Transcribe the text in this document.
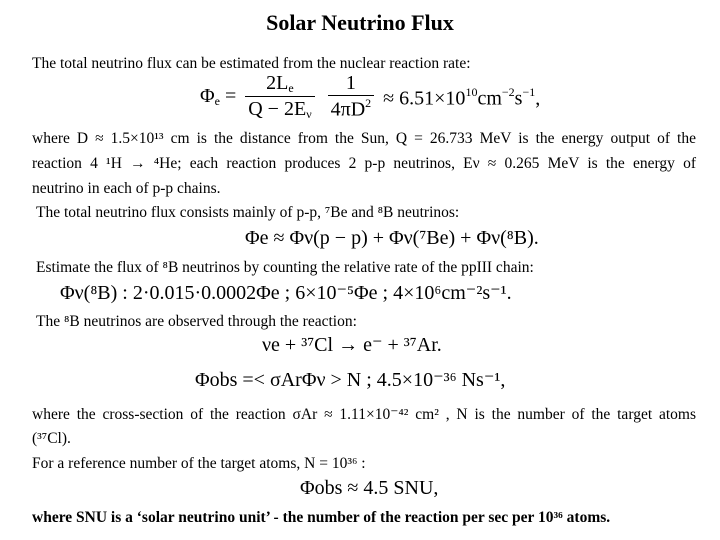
Solar Neutrino Flux
The total neutrino flux can be estimated from the nuclear reaction rate:
$\Phi_e = \frac{2L_e}{Q - 2E_\nu}$
$\frac{1}{4\pi D^2} \approx 6.51\times 10^{10}cm^{-2}s^{-1}$,
where D ≈ 1.5×10¹³ cm is the distance from the Sun, Q = 26.733 MeV is the energy output of the
reaction 4 ¹H → ⁴He; each reaction produces 2 p-p neutrinos, Eν ≈ 0.265 MeV is the energy of
neutrino in each of p-p chains.
The total neutrino flux consists mainly of p-p, ⁷Be and ⁸B neutrinos:
Φe ≈ Φν(p − p) + Φν(⁷Be) + Φν(⁸B).
Estimate the flux of ⁸B neutrinos by counting the relative rate of the ppIII chain:
Φν(⁸B) : 2·0.015·0.0002Φe ; 6×10⁻⁵Φe ; 4×10⁶cm⁻²s⁻¹.
The ⁸B neutrinos are observed through the reaction:
νe + ³⁷Cl → e⁻ + ³⁷Ar.
Φobs =< σArΦν > N ; 4.5×10⁻³⁶ Ns⁻¹,
where the cross-section of the reaction σAr ≈ 1.11×10⁻⁴² cm² , N is the number of the target atoms
(³⁷Cl).
For a reference number of the target atoms, N = 10³⁶ :
Φobs ≈ 4.5 SNU,
where SNU is a ‘solar neutrino unit’ - the number of the reaction per sec per 10³⁶ atoms.
